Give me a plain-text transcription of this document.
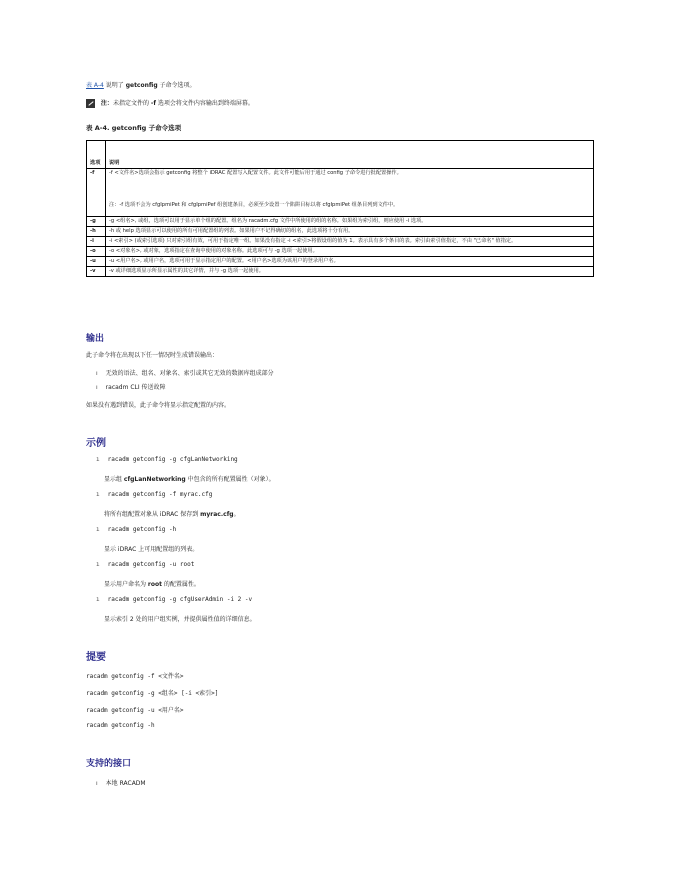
表 A-4 说明了 getconfig 子命令选项。
注：未指定文件的 -f 选项会将文件内容输出到终端屏幕。
表 A-4. getconfig 子命令选项
选项	说明
-f	-f <文件名>选项会指示 getconfig 将整个 iDRAC 配置写入配置文件。此文件可能后用于通过 config 子命令进行批配置操作。
注：-f 选项不会为 cfgIpmiPet 和 cfgIpmiPef 组创建条目，必须至少设置一个陷阱目标以将 cfgIpmiPet 组条目列到文件中。

-g	-g <组名>, 或组，选项可以用于显示单个组的配置。组名为 racadm.cfg 文件中所使用的组的名称。如果组为索引组，则应使用 -i 选项。
-h	-h 或 help 选项显示可以使用的所有可用配置组的列表。如果用户不记得确切的组名，此选项将十分有用。
-i	-i <索引> (或索引选项) 只对索引组有效，可用于指定唯一组。如果没有指定 -i <索引>将假设组的值为 1。表示具有多个条目的表。索引由索引值指定，不由 "已命名" 值指定。
-o	-o <对象名>, 或对象，选项指定在查询中使用的对象名称。此选项可与 -g 选项一起使用。
-u	-u <用户名>, 或用户名，选项可用于显示指定用户的配置。<用户名>选项为该用户的登录用户名。
-v	-v 或详细选项显示所显示属性的其它详情，并与 -g 选项一起使用。
输出
此子命令将在出现以下任一情况时生成错误输出：
ı 无效的语法、组名、对象名、索引或其它无效的数据库组成部分
ı racadm CLI 传送故障
如果没有遇到错误，此子命令将显示指定配置的内容。
示例
ı racadm getconfig -g cfgLanNetworking
显示组 cfgLanNetworking 中包含的所有配置属性（对象）。
ı racadm getconfig -f myrac.cfg
将所有组配置对象从 iDRAC 保存到 myrac.cfg。
ı racadm getconfig -h
显示 iDRAC 上可用配置组的列表。
ı racadm getconfig -u root
显示用户命名为 root 的配置属性。
ı racadm getconfig -g cfgUserAdmin -i 2 -v
显示索引 2 处的用户组实例，并提供属性值的详细信息。
提要
racadm getconfig -f <文件名>
racadm getconfig -g <组名> [-i <索引>]
racadm getconfig -u <用户名>
racadm getconfig -h
支持的接口
ı 本地 RACADM
